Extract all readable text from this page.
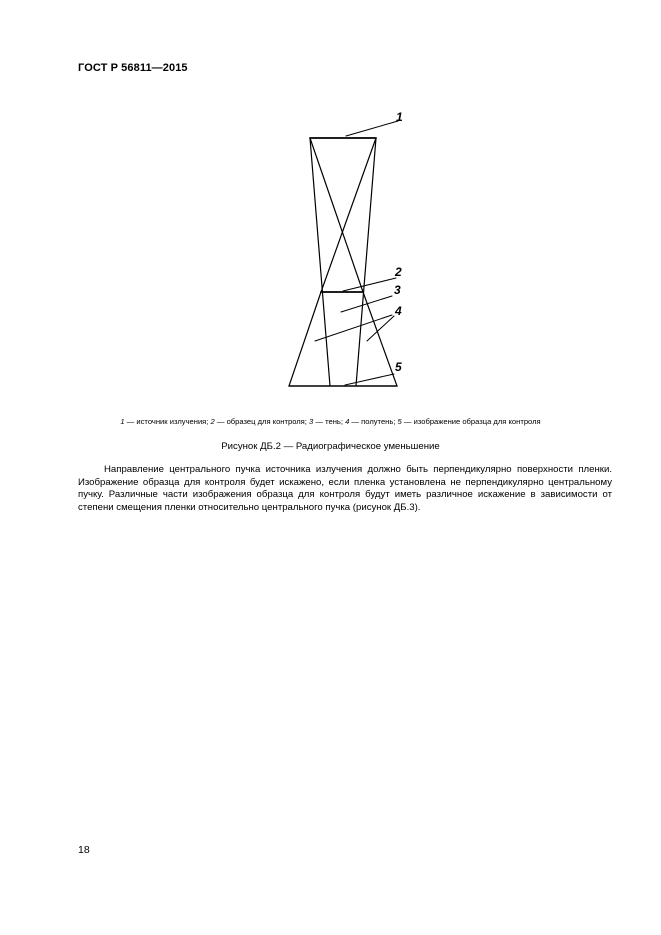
ГОСТ Р 56811—2015
1
2
3
4
5
1 — источник излучения; 2 — образец для контроля; 3 — тень; 4 — полутень; 5 — изображение образца для контроля
Рисунок ДБ.2 — Радиографическое уменьшение

Направление центрального пучка источника излучения должно быть перпендикулярно поверхности пленки. Изображение образца для контроля будет искажено, если пленка установлена не перпендикулярно центральному пучку. Различные части изображения образца для контроля будут иметь различное искажение в зависимости от степени смещения пленки относительно центрального пучка (рисунок ДБ.3).

18
